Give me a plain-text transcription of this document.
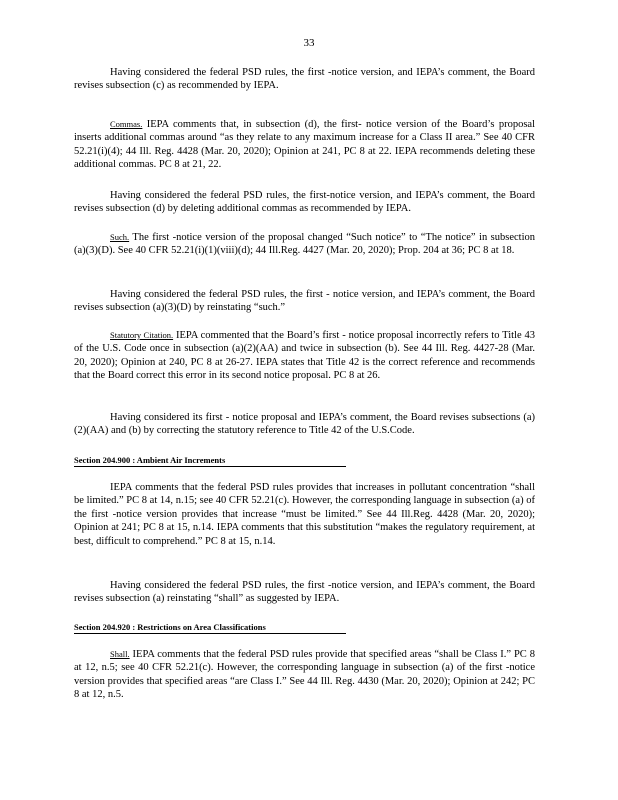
33

Having considered the federal PSD rules, the first -notice version, and IEPA’s comment, the Board revises subsection (c) as recommended by IEPA.

Commas. IEPA comments that, in subsection (d), the first- notice version of the Board’s proposal inserts additional commas around “as they relate to any maximum increase for a Class II area.” See 40 CFR 52.21(i)(4); 44 Ill. Reg. 4428 (Mar. 20, 2020); Opinion at 241, PC 8 at 22. IEPA recommends deleting these additional commas. PC 8 at 21, 22.

Having considered the federal PSD rules, the first-notice version, and IEPA’s comment, the Board revises subsection (d) by deleting additional commas as recommended by IEPA.

Such. The first -notice version of the proposal changed “Such notice” to “The notice” in subsection (a)(3)(D). See 40 CFR 52.21(i)(1)(viii)(d); 44 Ill.Reg. 4427 (Mar. 20, 2020); Prop. 204 at 36; PC 8 at 18.

Having considered the federal PSD rules, the first - notice version, and IEPA’s comment, the Board revises subsection (a)(3)(D) by reinstating “such.”

Statutory Citation. IEPA commented that the Board’s first - notice proposal incorrectly refers to Title 43 of the U.S. Code once in subsection (a)(2)(AA) and twice in subsection (b). See 44 Ill. Reg. 4427-28 (Mar. 20, 2020); Opinion at 240, PC 8 at 26-27. IEPA states that Title 42 is the correct reference and recommends that the Board correct this error in its second notice proposal. PC 8 at 26.

Having considered its first - notice proposal and IEPA’s comment, the Board revises subsections (a)(2)(AA) and (b) by correcting the statutory reference to Title 42 of the U.S.Code.

Section 204.900 : Ambient Air Increments

IEPA comments that the federal PSD rules provides that increases in pollutant concentration “shall be limited.” PC 8 at 14, n.15; see 40 CFR 52.21(c). However, the corresponding language in subsection (a) of the first -notice version provides that increase “must be limited.” See 44 Ill.Reg. 4428 (Mar. 20, 2020); Opinion at 241; PC 8 at 15, n.14. IEPA comments that this substitution “makes the regulatory requirement, at best, difficult to comprehend.” PC 8 at 15, n.14.

Having considered the federal PSD rules, the first -notice version, and IEPA’s comment, the Board revises subsection (a) reinstating “shall” as suggested by IEPA.

Section 204.920 : Restrictions on Area Classifications

Shall. IEPA comments that the federal PSD rules provide that specified areas “shall be Class I.” PC 8 at 12, n.5; see 40 CFR 52.21(c). However, the corresponding language in subsection (a) of the first -notice version provides that specified areas “are Class I.” See 44 Ill. Reg. 4430 (Mar. 20, 2020); Opinion at 242; PC 8 at 12, n.5.
